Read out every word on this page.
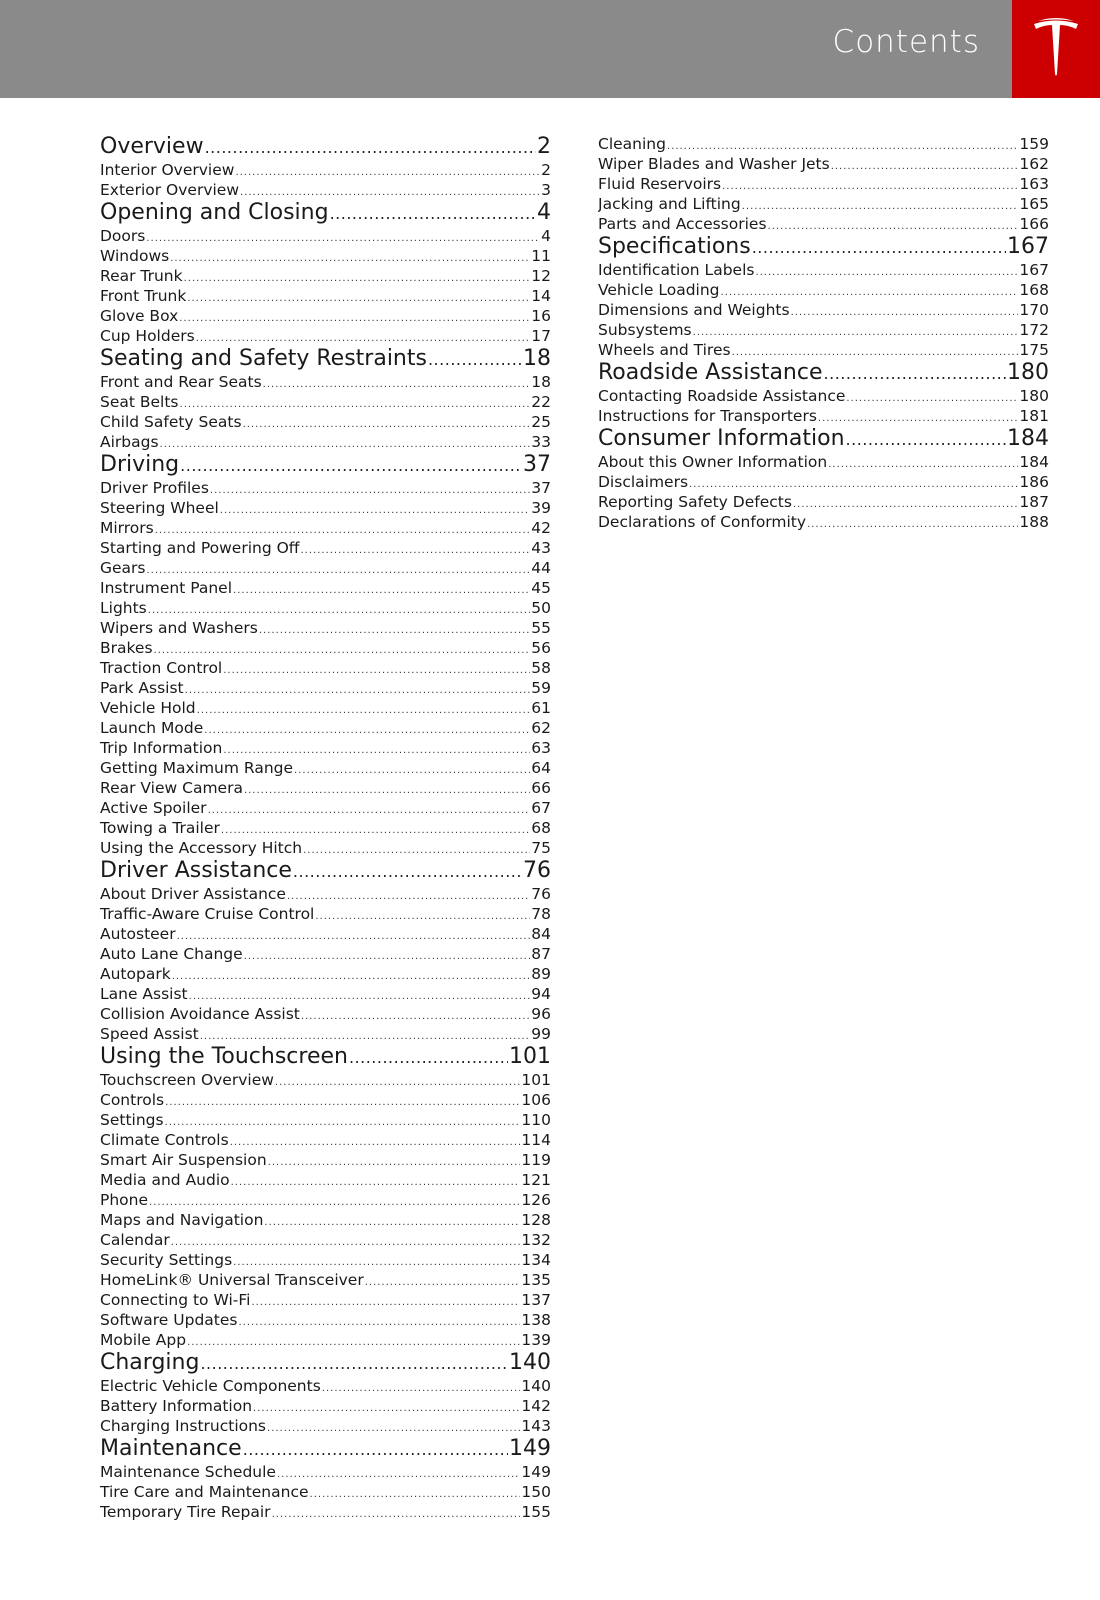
Contents
Overview .....	2
Interior Overview .....	2
Exterior Overview .....	3
Opening and Closing .....	4
Doors .....	4
Windows .....	11
Rear Trunk .....	12
Front Trunk .....	14
Glove Box .....	16
Cup Holders .....	17
Seating and Safety Restraints .....	18
Front and Rear Seats .....	18
Seat Belts .....	22
Child Safety Seats .....	25
Airbags .....	33
Driving .....	37
Driver Profiles .....	37
Steering Wheel .....	39
Mirrors .....	42
Starting and Powering Off .....	43
Gears .....	44
Instrument Panel .....	45
Lights .....	50
Wipers and Washers .....	55
Brakes .....	56
Traction Control .....	58
Park Assist .....	59
Vehicle Hold .....	61
Launch Mode .....	62
Trip Information .....	63
Getting Maximum Range .....	64
Rear View Camera .....	66
Active Spoiler .....	67
Towing a Trailer .....	68
Using the Accessory Hitch .....	75
Driver Assistance .....	76
About Driver Assistance .....	76
Traffic-Aware Cruise Control .....	78
Autosteer .....	84
Auto Lane Change .....	87
Autopark .....	89
Lane Assist .....	94
Collision Avoidance Assist .....	96
Speed Assist .....	99
Using the Touchscreen .....	101
Touchscreen Overview .....	101
Controls .....	106
Settings .....	110
Climate Controls .....	114
Smart Air Suspension .....	119
Media and Audio .....	121
Phone .....	126
Maps and Navigation .....	128
Calendar .....	132
Security Settings .....	134
HomeLink® Universal Transceiver .....	135
Connecting to Wi-Fi .....	137
Software Updates .....	138
Mobile App .....	139
Charging .....	140
Electric Vehicle Components .....	140
Battery Information .....	142
Charging Instructions .....	143
Maintenance .....	149
Maintenance Schedule .....	149
Tire Care and Maintenance .....	150
Temporary Tire Repair .....	155
Cleaning .....	159
Wiper Blades and Washer Jets .....	162
Fluid Reservoirs .....	163
Jacking and Lifting .....	165
Parts and Accessories .....	166
Specifications .....	167
Identification Labels .....	167
Vehicle Loading .....	168
Dimensions and Weights .....	170
Subsystems .....	172
Wheels and Tires .....	175
Roadside Assistance .....	180
Contacting Roadside Assistance .....	180
Instructions for Transporters .....	181
Consumer Information .....	184
About this Owner Information .....	184
Disclaimers .....	186
Reporting Safety Defects .....	187
Declarations of Conformity .....	188
